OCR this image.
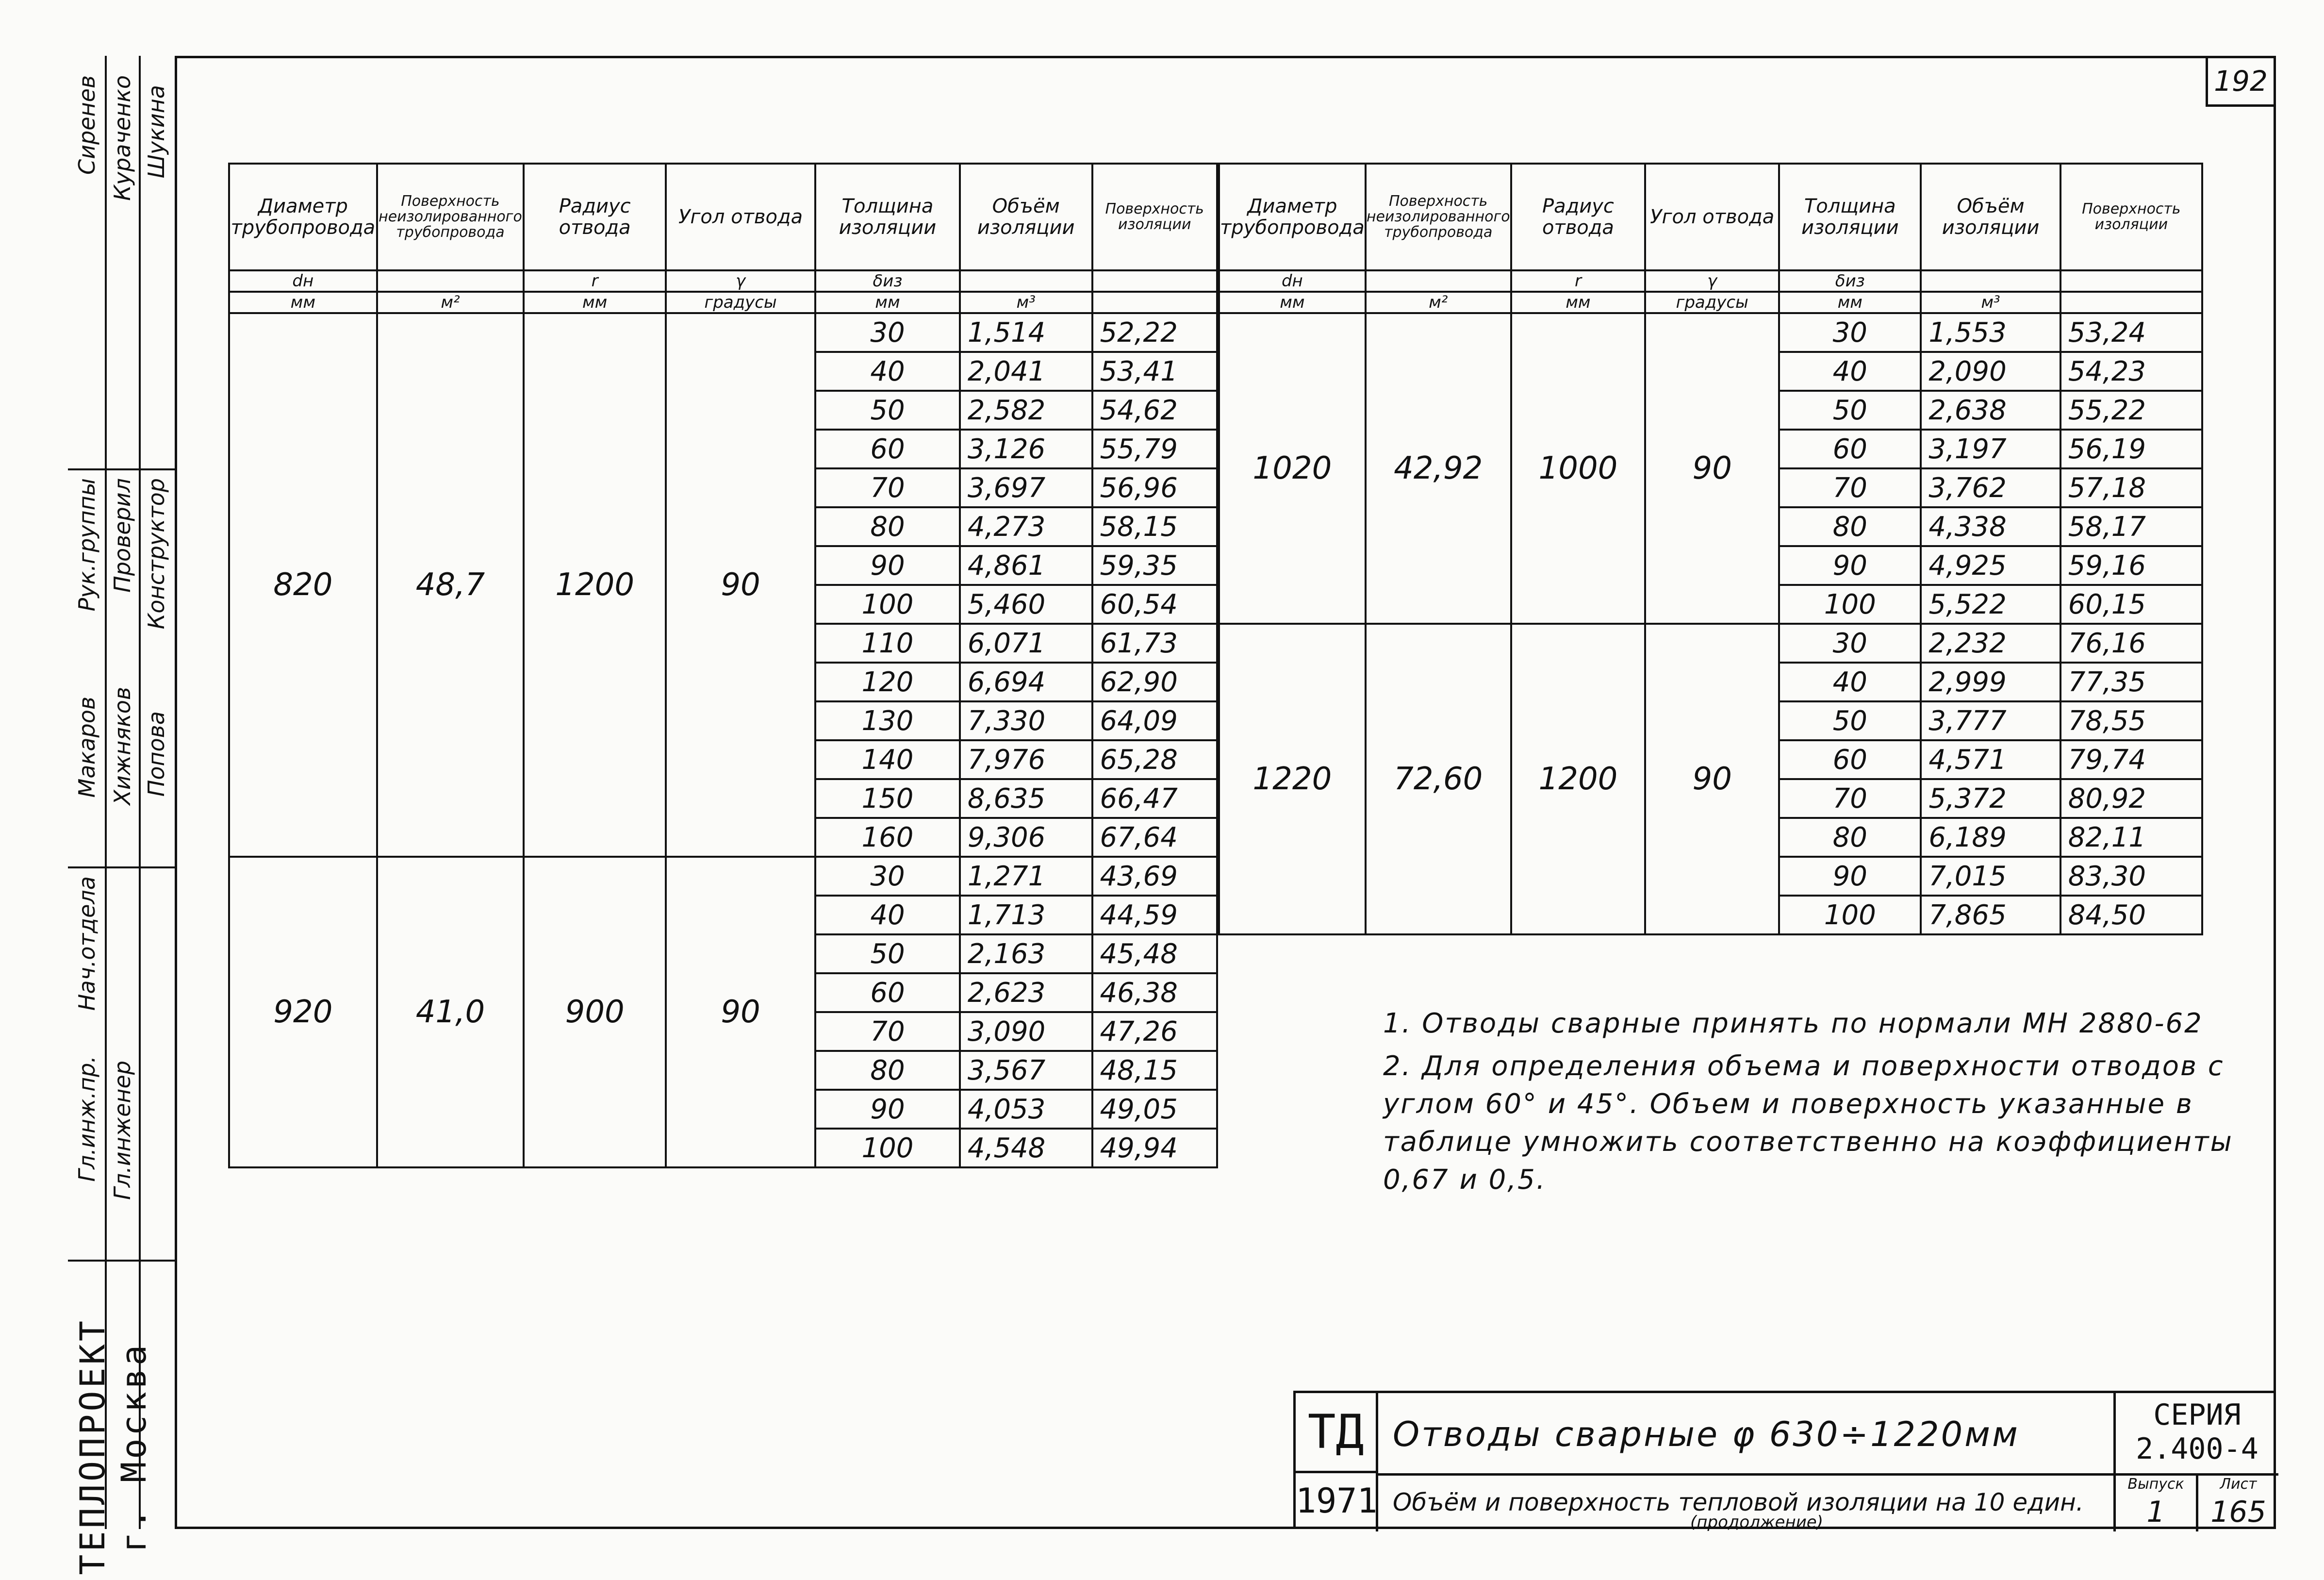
192
ТЕПЛОПРОЕКТ г. Москва
Гл.инж.пр.
Нач.отдела
Гл.инженер
Рук.группы Проверил Конструктор
Макаров Хижняков Попова
Сиренев Кураченко Шукина
Диаметр трубопровода	Поверхность неизолированного трубопровода	Радиус отвода	Угол отвода	Толщина изоляции	Объём изоляции	Поверхность изоляции
dн		r	γ	δиз		
мм	м²	мм	градусы	мм	м³	
820	48,7	1200	90	30	1,514	52,22
				40	2,041	53,41
				50	2,582	54,62
				60	3,126	55,79
				70	3,697	56,96
				80	4,273	58,15
				90	4,861	59,35
				100	5,460	60,54
				110	6,071	61,73
				120	6,694	62,90
				130	7,330	64,09
				140	7,976	65,28
				150	8,635	66,47
				160	9,306	67,64
920	41,0	900	90	30	1,271	43,69
				40	1,713	44,59
				50	2,163	45,48
				60	2,623	46,38
				70	3,090	47,26
				80	3,567	48,15
				90	4,053	49,05
				100	4,548	49,94
Диаметр трубопровода	Поверхность неизолированного трубопровода	Радиус отвода	Угол отвода	Толщина изоляции	Объём изоляции	Поверхность изоляции
dн		r	γ	δиз		
мм	м²	мм	градусы	мм	м³	
1020	42,92	1000	90	30	1,553	53,24
				40	2,090	54,23
				50	2,638	55,22
				60	3,197	56,19
				70	3,762	57,18
				80	4,338	58,17
				90	4,925	59,16
				100	5,522	60,15
1220	72,60	1200	90	30	2,232	76,16
				40	2,999	77,35
				50	3,777	78,55
				60	4,571	79,74
				70	5,372	80,92
				80	6,189	82,11
				90	7,015	83,30
				100	7,865	84,50

1. Отводы сварные принять по нормали МН 2880-62

2. Для определения объема и поверхности отводов с углом 60° и 45°. Объем и поверхность указанные в таблице умножить соответственно на коэффициенты 0,67 и 0,5.

ТД
1971
Отводы сварные φ 630÷1220мм
Объём и поверхность тепловой изоляции на 10 един.
(продолжение)
СЕРИЯ
2.400-4
Выпуск
1
Лист
165
